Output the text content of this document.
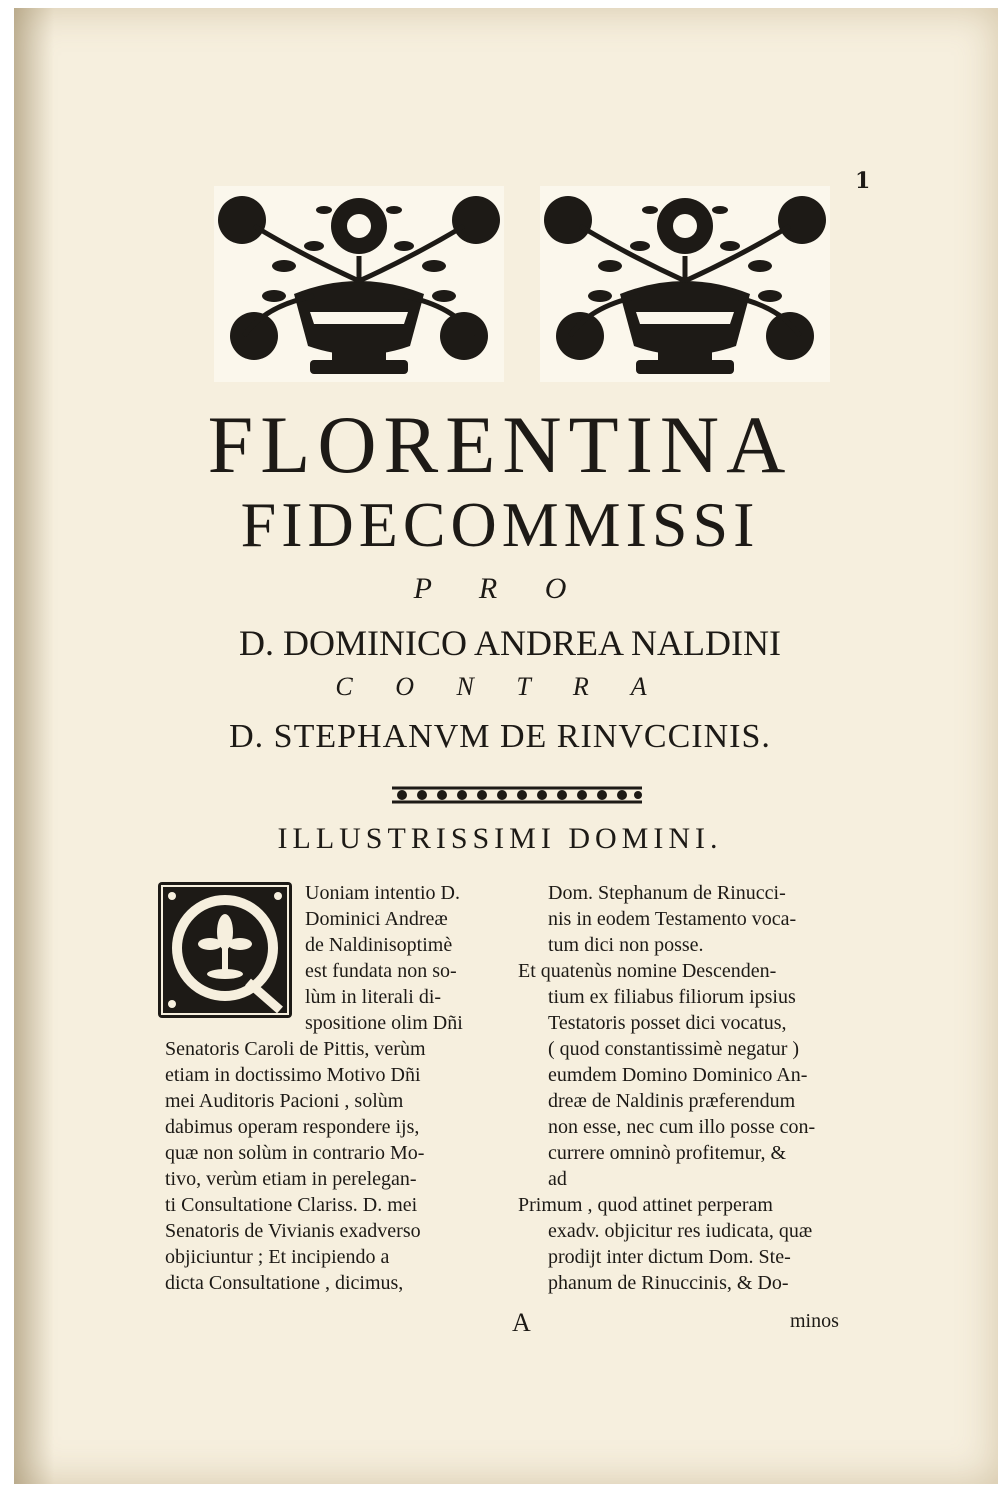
1
FLORENTINA
FIDECOMMISSI
P R O
D. DOMINICO ANDREA NALDINI
C O N T R A
D. STEPHANVM DE RINVCCINIS.
ILLUSTRISSIMI DOMINI.
Uoniam intentio D.
Dominici Andreæ
de Naldinisoptimè
est fundata non so-
lùm in literali di-
spositione olim Dñi
Senatoris Caroli de Pittis, verùm
etiam in doctissimo Motivo Dñi
mei Auditoris Pacioni , solùm
dabimus operam respondere ijs,
quæ non solùm in contrario Mo-
tivo, verùm etiam in perelegan-
ti Consultatione Clariss. D. mei
Senatoris de Vivianis exadverso
objiciuntur ; Et incipiendo a
dicta Consultatione , dicimus,
Dom. Stephanum de Rinucci-
nis in eodem Testamento voca-
tum dici non posse.
Et quatenùs nomine Descenden-
tium ex filiabus filiorum ipsius
Testatoris posset dici vocatus,
( quod constantissimè negatur )
eumdem Domino Dominico An-
dreæ de Naldinis præferendum
non esse, nec cum illo posse con-
currere omninò profitemur, &
ad
Primum , quod attinet perperam
exadv. objicitur res iudicata, quæ
prodijt inter dictum Dom. Ste-
phanum de Rinuccinis, & Do-
A	minos
